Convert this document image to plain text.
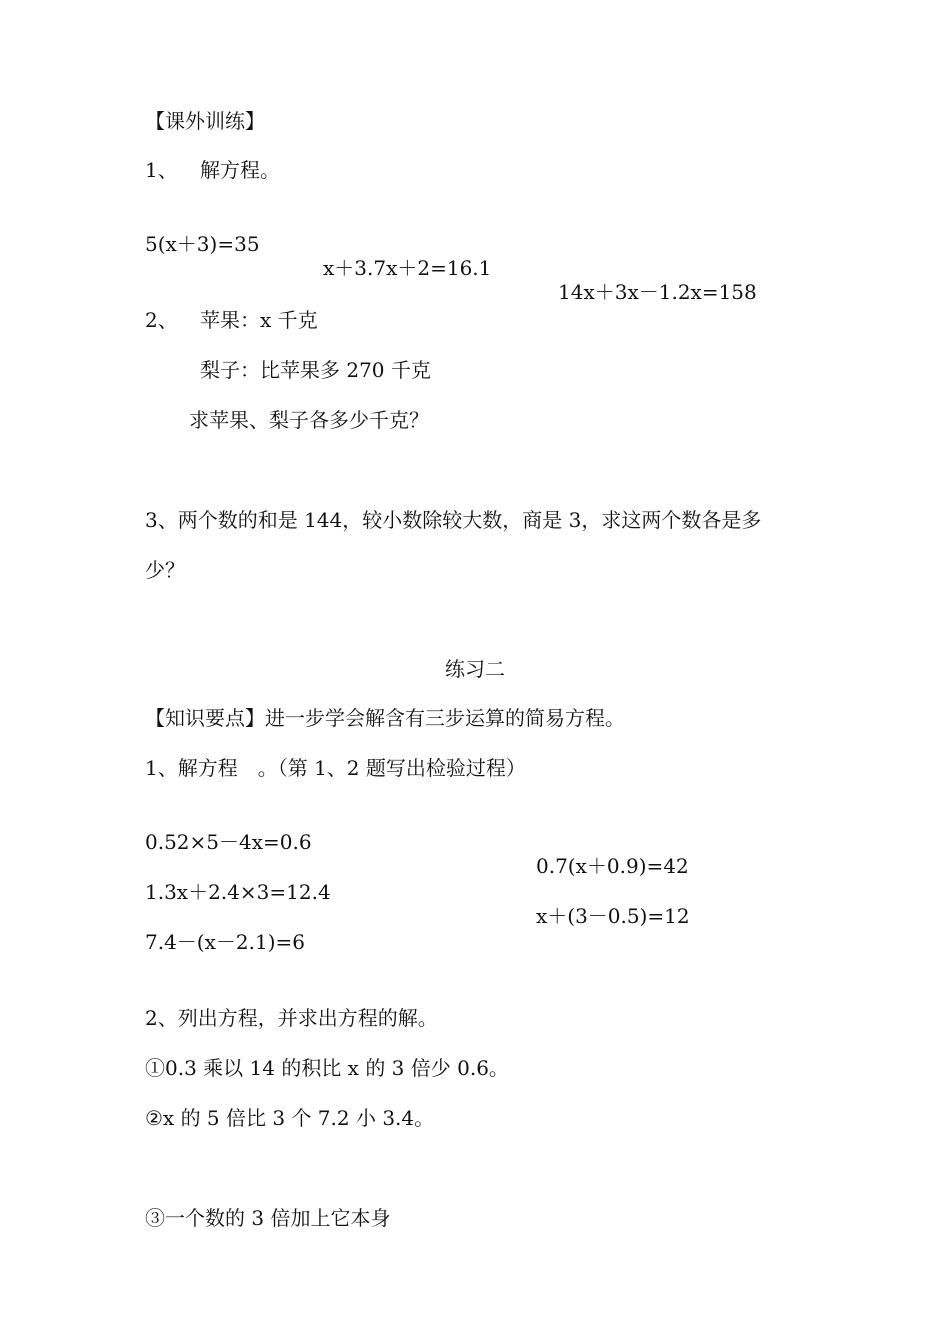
【课外训练】
1、 解方程。

5(x＋3)=35

x＋3.7x＋2=16.1

14x＋3x－1.2x=158

2、 苹果：x 千克
梨子：比苹果多 270 千克
求苹果、梨子各多少千克？
3、两个数的和是 144，较小数除较大数，商是 3，求这两个数各是多
少？
练习二
【知识要点】进一步学会解含有三步运算的简易方程。
1、解方程　。（第 1、2 题写出检验过程）

0.52×5－4x=0.6

0.7(x＋0.9)=42

1.3x＋2.4×3=12.4

x＋(3－0.5)=12

7.4－(x－2.1)=6

2、列出方程，并求出方程的解。
①0.3 乘以 14 的积比 x 的 3 倍少 0.6。
②x 的 5 倍比 3 个 7.2 小 3.4。
③一个数的 3 倍加上它本身
